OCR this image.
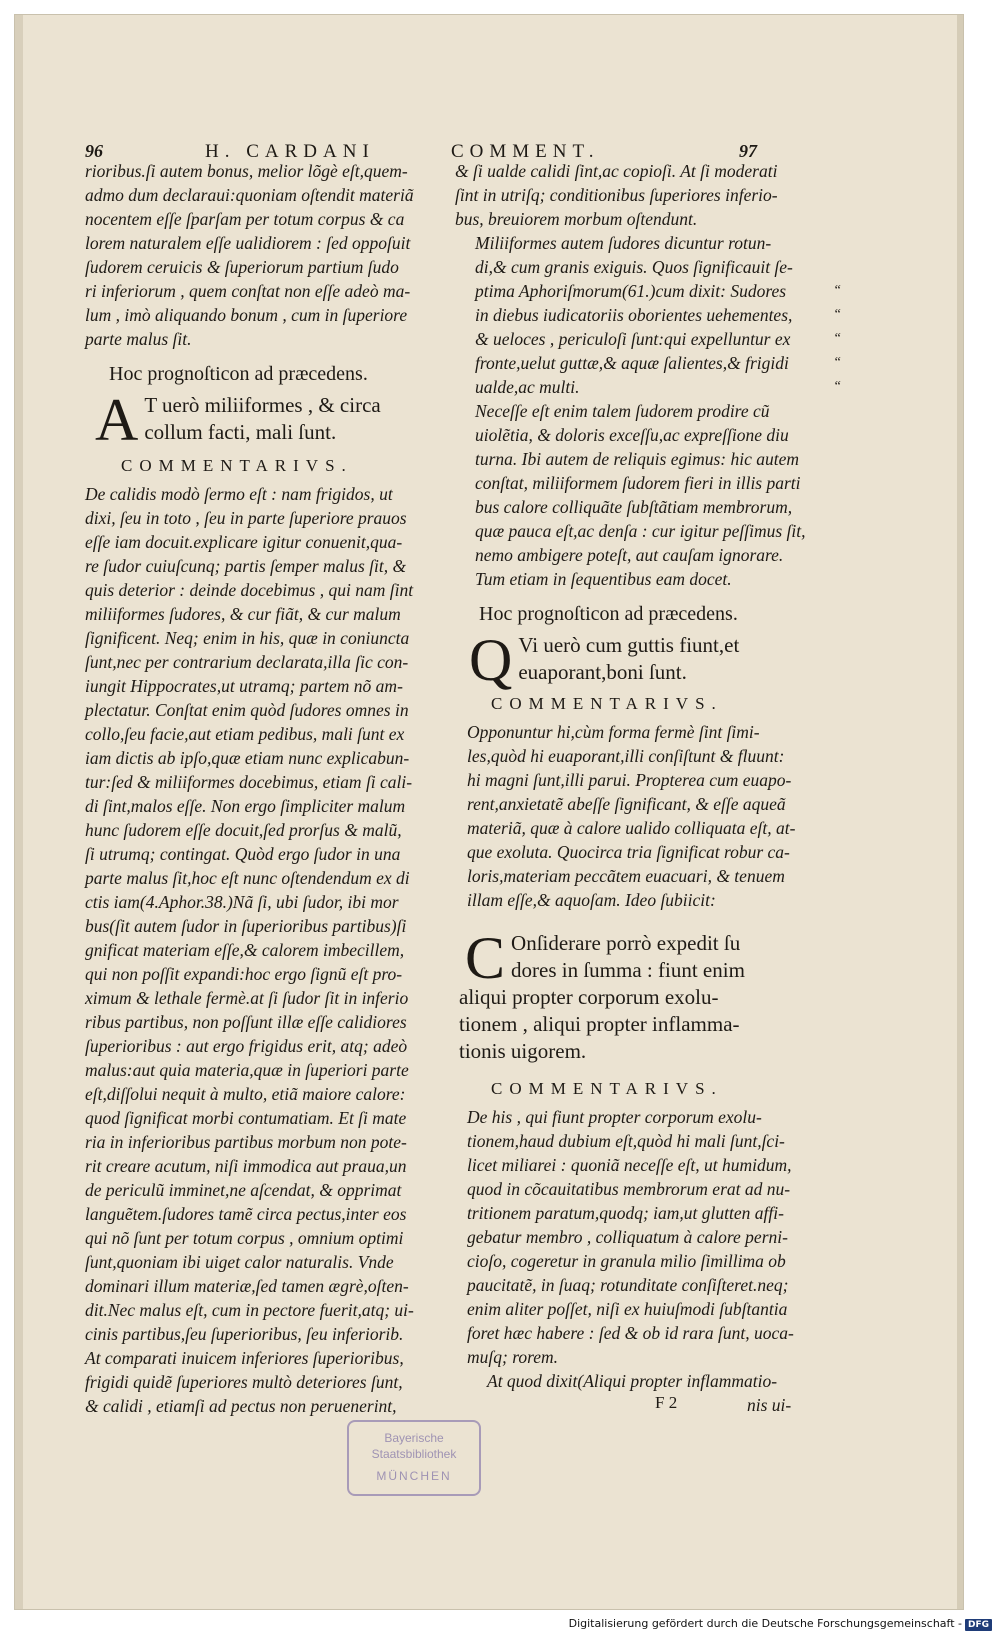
96	H. CARDANI	COMMENT.	97
rioribus.ſi autem bonus, melior lõgè eſt,quem-
admo dum declaraui:quoniam oſtendit materiã
nocentem eſſe ſparſam per totum corpus & ca
lorem naturalem eſſe ualidiorem : ſed oppoſuit
ſudorem ceruicis & ſuperiorum partium ſudo
ri inferiorum , quem conſtat non eſſe adeò ma-
lum , imò aliquando bonum , cum in ſuperiore
parte malus ſit.
Hoc prognoſticon ad præcedens.
A T uerò miliiformes , & circa
collum facti, mali ſunt.
COMMENTARIVS.
De calidis modò ſermo eſt : nam frigidos, ut
dixi, ſeu in toto , ſeu in parte ſuperiore prauos
eſſe iam docuit.explicare igitur conuenit,qua-
re ſudor cuiuſcunq; partis ſemper malus ſit, &
quis deterior : deinde docebimus , qui nam ſint
miliiformes ſudores, & cur fiãt, & cur malum
ſignificent. Neq; enim in his, quæ in coniuncta
ſunt,nec per contrarium declarata,illa ſic con-
iungit Hippocrates,ut utramq; partem nõ am-
plectatur. Conſtat enim quòd ſudores omnes in
collo,ſeu facie,aut etiam pedibus, mali ſunt ex
iam dictis ab ipſo,quæ etiam nunc explicabun-
tur:ſed & miliiformes docebimus, etiam ſi cali-
di ſint,malos eſſe. Non ergo ſimpliciter malum
hunc ſudorem eſſe docuit,ſed prorſus & malũ,
ſi utrumq; contingat. Quòd ergo ſudor in una
parte malus ſit,hoc eſt nunc oſtendendum ex di
ctis iam(4.Aphor.38.)Nã ſi, ubi ſudor, ibi mor
bus(ſit autem ſudor in ſuperioribus partibus)ſi
gnificat materiam eſſe,& calorem imbecillem,
qui non poſſit expandi:hoc ergo ſignũ eſt pro-
ximum & lethale fermè.at ſi ſudor ſit in inferio
ribus partibus, non poſſunt illæ eſſe calidiores
ſuperioribus : aut ergo frigidus erit, atq; adeò
malus:aut quia materia,quæ in ſuperiori parte
eſt,diſſolui nequit à multo, etiã maiore calore:
quod ſignificat morbi contumatiam. Et ſi mate
ria in inferioribus partibus morbum non pote-
rit creare acutum, niſi immodica aut praua,un
de periculũ imminet,ne aſcendat, & opprimat
languẽtem.ſudores tamẽ circa pectus,inter eos
qui nõ ſunt per totum corpus , omnium optimi
ſunt,quoniam ibi uiget calor naturalis. Vnde
dominari illum materiæ,ſed tamen ægrè,oſten-
dit.Nec malus eſt, cum in pectore fuerit,atq; ui-
cinis partibus,ſeu ſuperioribus, ſeu inferiorib.
At comparati inuicem inferiores ſuperioribus,
frigidi quidẽ ſuperiores multò deteriores ſunt,
& calidi , etiamſi ad pectus non peruenerint,
& ſi ualde calidi ſint,ac copioſi. At ſi moderati
ſint in utriſq; conditionibus ſuperiores inferio-
bus, breuiorem morbum oſtendunt.
Miliiformes autem ſudores dicuntur rotun-
di,& cum granis exiguis. Quos ſignificauit ſe-
ptima Aphoriſmorum(61.)cum dixit: Sudores	“
in diebus iudicatoriis oborientes uehementes,	“
& ueloces , periculoſi ſunt:qui expelluntur ex	“
fronte,uelut guttæ,& aquæ ſalientes,& frigidi	“
ualde,ac multi.	“
Neceſſe eſt enim talem ſudorem prodire cũ
uiolẽtia, & doloris exceſſu,ac expreſſione diu
turna. Ibi autem de reliquis egimus: hic autem
conſtat, miliiformem ſudorem fieri in illis parti
bus calore colliquãte ſubſtãtiam membrorum,
quæ pauca eſt,ac denſa : cur igitur peſſimus ſit,
nemo ambigere poteſt, aut cauſam ignorare.
Tum etiam in ſequentibus eam docet.
Hoc prognoſticon ad præcedens.
Q Vi uerò cum guttis fiunt,et
euaporant,boni ſunt.
COMMENTARIVS.
Opponuntur hi,cùm forma fermè ſint ſimi-
les,quòd hi euaporant,illi conſiſtunt & fluunt:
hi magni ſunt,illi parui. Propterea cum euapo-
rent,anxietatẽ abeſſe ſignificant, & eſſe aqueã
materiã, quæ à calore ualido colliquata eſt, at-
que exoluta. Quocirca tria ſignificat robur ca-
loris,materiam peccãtem euacuari, & tenuem
illam eſſe,& aquoſam. Ideo ſubiicit:
C Onſiderare porrò expedit ſu
dores in ſumma : fiunt enim
aliqui propter corporum exolu-
tionem , aliqui propter inflamma-
tionis uigorem.
COMMENTARIVS.
De his , qui fiunt propter corporum exolu-
tionem,haud dubium eſt,quòd hi mali ſunt,ſci-
licet miliarei : quoniã neceſſe eſt, ut humidum,
quod in cõcauitatibus membrorum erat ad nu-
tritionem paratum,quodq; iam,ut glutten affi-
gebatur membro , colliquatum à calore perni-
cioſo, cogeretur in granula milio ſimillima ob
paucitatẽ, in ſuaq; rotunditate conſiſteret.neq;
enim aliter poſſet, niſi ex huiuſmodi ſubſtantia
foret hæc habere : ſed & ob id rara ſunt, uoca-
muſq; rorem.
At quod dixit(Aliqui propter inflammatio-
F 2	nis ui-
Bayerische
Staatsbibliothek
MÜNCHEN
Digitalisierung gefördert durch die Deutsche Forschungsgemeinschaft - DFG
